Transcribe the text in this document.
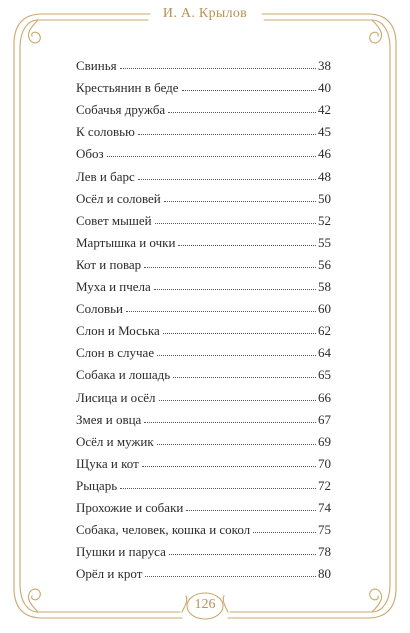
И. А. Крылов
Свинья	38
Крестьянин в беде	40
Собачья дружба	42
К соловью	45
Обоз	46
Лев и барс	48
Осёл и соловей	50
Совет мышей	52
Мартышка и очки	55
Кот и повар	56
Муха и пчела	58
Соловьи	60
Слон и Моська	62
Слон в случае	64
Собака и лошадь	65
Лисица и осёл	66
Змея и овца	67
Осёл и мужик	69
Щука и кот	70
Рыцарь	72
Прохожие и собаки	74
Собака, человек, кошка и сокол	75
Пушки и паруса	78
Орёл и крот	80
126
